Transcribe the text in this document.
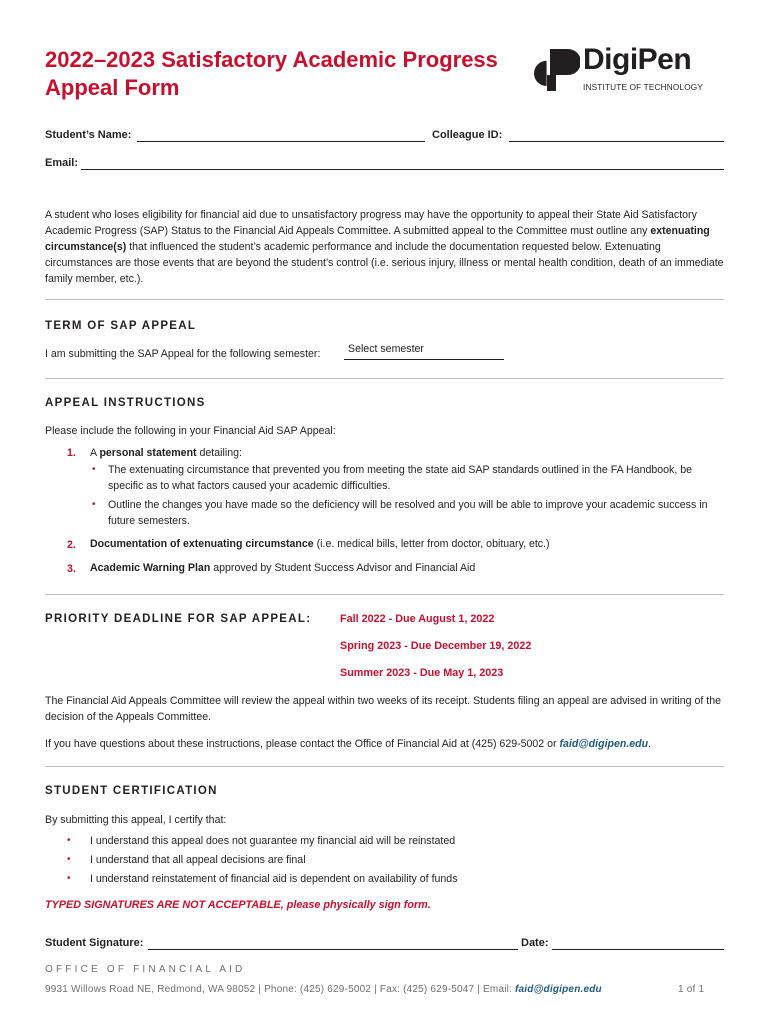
2022–2023 Satisfactory Academic Progress
Appeal Form
DigiPen
INSTITUTE OF TECHNOLOGY
Student’s Name:	Colleague ID:
Email:
A student who loses eligibility for financial aid due to unsatisfactory progress may have the opportunity to appeal their State Aid Satisfactory Academic Progress (SAP) Status to the Financial Aid Appeals Committee. A submitted appeal to the Committee must outline any extenuating circumstance(s) that influenced the student’s academic performance and include the documentation requested below. Extenuating circumstances are those events that are beyond the student’s control (i.e. serious injury, illness or mental health condition, death of an immediate family member, etc.).
TERM OF SAP APPEAL
I am submitting the SAP Appeal for the following semester:	Select semester
APPEAL INSTRUCTIONS
Please include the following in your Financial Aid SAP Appeal:
1. A personal statement detailing:
• The extenuating circumstance that prevented you from meeting the state aid SAP standards outlined in the FA Handbook, be specific as to what factors caused your academic difficulties.
• Outline the changes you have made so the deficiency will be resolved and you will be able to improve your academic success in future semesters.
2. Documentation of extenuating circumstance (i.e. medical bills, letter from doctor, obituary, etc.)
3. Academic Warning Plan approved by Student Success Advisor and Financial Aid
PRIORITY DEADLINE FOR SAP APPEAL:	Fall 2022 - Due August 1, 2022
Spring 2023 - Due December 19, 2022
Summer 2023 - Due May 1, 2023
The Financial Aid Appeals Committee will review the appeal within two weeks of its receipt. Students filing an appeal are advised in writing of the decision of the Appeals Committee.
If you have questions about these instructions, please contact the Office of Financial Aid at (425) 629-5002 or faid@digipen.edu.
STUDENT CERTIFICATION
By submitting this appeal, I certify that:
• I understand this appeal does not guarantee my financial aid will be reinstated
• I understand that all appeal decisions are final
• I understand reinstatement of financial aid is dependent on availability of funds
TYPED SIGNATURES ARE NOT ACCEPTABLE, please physically sign form.
Student Signature:	Date:
OFFICE OF FINANCIAL AID
9931 Willows Road NE, Redmond, WA 98052 | Phone: (425) 629-5002 | Fax: (425) 629-5047 | Email: faid@digipen.edu	1 of 1
